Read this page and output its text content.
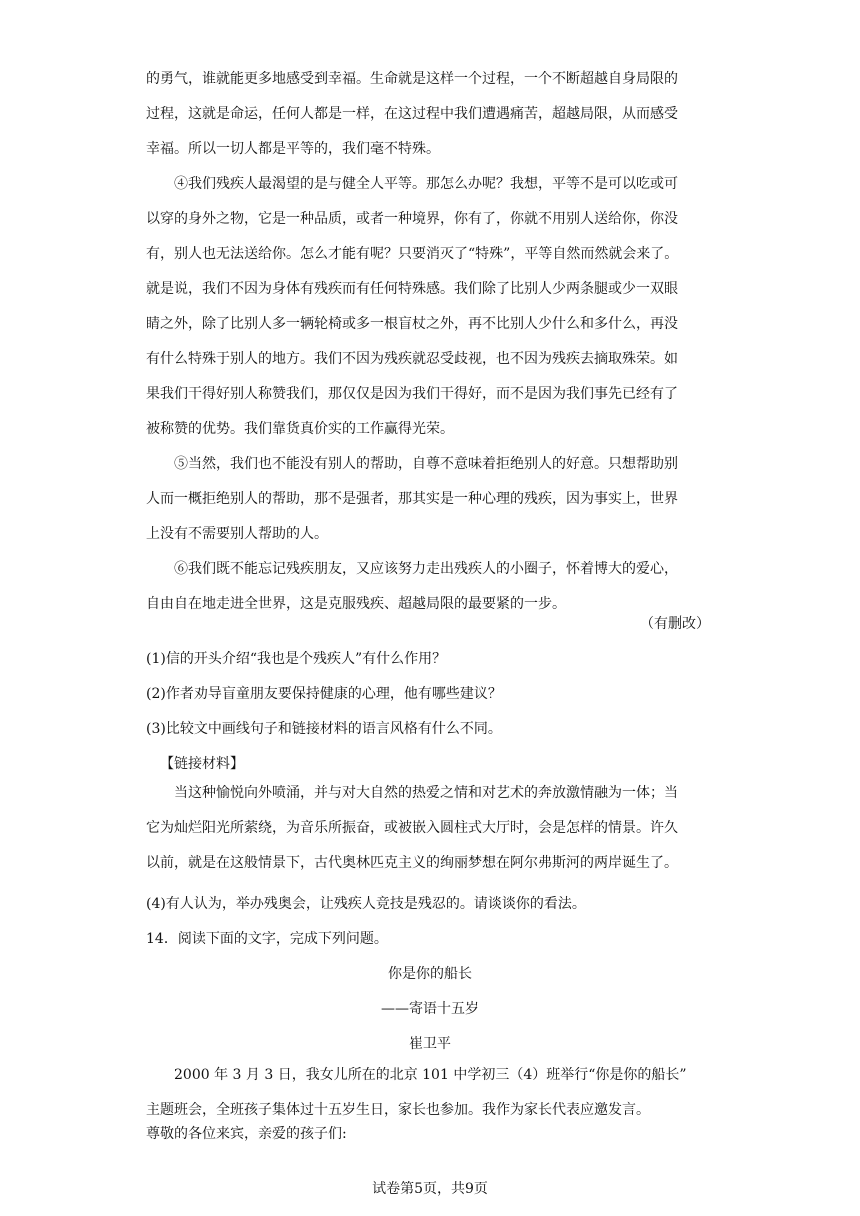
的勇气，谁就能更多地感受到幸福。生命就是这样一个过程，一个不断超越自身局限的
过程，这就是命运，任何人都是一样，在这过程中我们遭遇痛苦，超越局限，从而感受
幸福。所以一切人都是平等的，我们毫不特殊。
④我们残疾人最渴望的是与健全人平等。那怎么办呢？我想，平等不是可以吃或可
以穿的身外之物，它是一种品质，或者一种境界，你有了，你就不用别人送给你，你没
有，别人也无法送给你。怎么才能有呢？只要消灭了“特殊”，平等自然而然就会来了。
就是说，我们不因为身体有残疾而有任何特殊感。我们除了比别人少两条腿或少一双眼
睛之外，除了比别人多一辆轮椅或多一根盲杖之外，再不比别人少什么和多什么，再没
有什么特殊于别人的地方。我们不因为残疾就忍受歧视，也不因为残疾去摘取殊荣。如
果我们干得好别人称赞我们，那仅仅是因为我们干得好，而不是因为我们事先已经有了
被称赞的优势。我们靠货真价实的工作赢得光荣。
⑤当然，我们也不能没有别人的帮助，自尊不意味着拒绝别人的好意。只想帮助别
人而一概拒绝别人的帮助，那不是强者，那其实是一种心理的残疾，因为事实上，世界
上没有不需要别人帮助的人。
⑥我们既不能忘记残疾朋友，又应该努力走出残疾人的小圈子，怀着博大的爱心，
自由自在地走进全世界，这是克服残疾、超越局限的最要紧的一步。
（有删改）
(1)信的开头介绍“我也是个残疾人”有什么作用？
(2)作者劝导盲童朋友要保持健康的心理，他有哪些建议？
(3)比较文中画线句子和链接材料的语言风格有什么不同。
【链接材料】
当这种愉悦向外喷涌，并与对大自然的热爱之情和对艺术的奔放激情融为一体；当
它为灿烂阳光所萦绕，为音乐所振奋，或被嵌入圆柱式大厅时，会是怎样的情景。许久
以前，就是在这般情景下，古代奥林匹克主义的绚丽梦想在阿尔弗斯河的两岸诞生了。
(4)有人认为，举办残奥会，让残疾人竞技是残忍的。请谈谈你的看法。
14．阅读下面的文字，完成下列问题。
你是你的船长
——寄语十五岁
崔卫平
2000 年 3 月 3 日，我女儿所在的北京 101 中学初三（4）班举行“你是你的船长”
主题班会，全班孩子集体过十五岁生日，家长也参加。我作为家长代表应邀发言。
尊敬的各位来宾，亲爱的孩子们:
试卷第5页，共9页
